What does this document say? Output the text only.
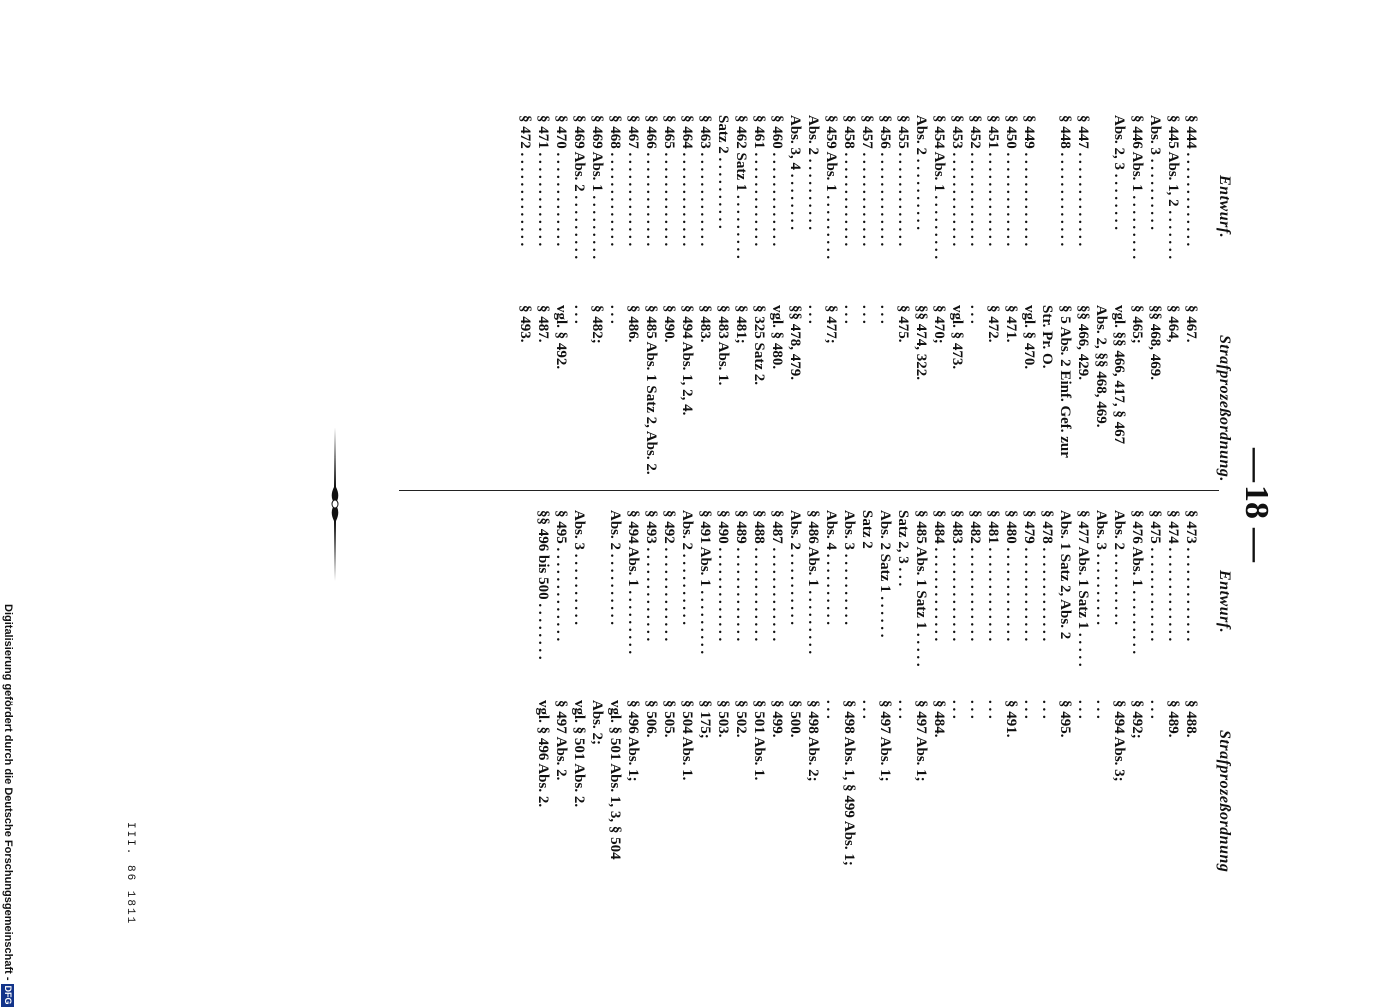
—
18
—
Entwurf.
Strafprozeßordnung.
Entwurf.
Strafprozeßordnung
§ 444 . . . . . . . . . . . . .
§ 467.
§ 445 Abs. 1, 2 . . . . . . .
§ 464,
Abs. 3 . . . . . . . . . .
§§ 468, 469.
§ 446 Abs. 1 . . . . . . . . .
§ 465;
Abs. 2, 3 . . . . . . . .
vgl. §§ 466, 417, § 467
Abs. 2, §§ 468, 469.
§ 447 . . . . . . . . . . . . .
§§ 466, 429.
§ 448 . . . . . . . . . . . . .
§ 5 Abs. 2 Einf. Gef. zur
Str. Pr. O.
§ 449 . . . . . . . . . . . . .
vgl. § 470.
§ 450 . . . . . . . . . . . . .
§ 471.
§ 451 . . . . . . . . . . . . .
§ 472.
§ 452 . . . . . . . . . . . . .
. . .
§ 453 . . . . . . . . . . . . .
vgl. § 473.
§ 454 Abs. 1 . . . . . . . . .
§ 470;
Abs. 2 . . . . . . . . . .
§§ 474, 322.
§ 455 . . . . . . . . . . . . .
§ 475.
§ 456 . . . . . . . . . . . . .
. . .
§ 457 . . . . . . . . . . . . .
. . .
§ 458 . . . . . . . . . . . . .
. . .
§ 459 Abs. 1 . . . . . . . . .
§ 477;
Abs. 2 . . . . . . . . . .
. . .
Abs. 3, 4 . . . . . . . .
§§ 478, 479.
§ 460 . . . . . . . . . . . . .
vgl. § 480.
§ 461 . . . . . . . . . . . . .
§ 325 Satz 2.
§ 462 Satz 1 . . . . . . . . .
§ 481;
Satz 2 . . . . . . . . . .
§ 483 Abs. 1.
§ 463 . . . . . . . . . . . . .
§ 483.
§ 464 . . . . . . . . . . . . .
§ 494 Abs. 1, 2, 4.
§ 465 . . . . . . . . . . . . .
§ 490.
§ 466 . . . . . . . . . . . . .
§ 485 Abs. 1 Satz 2, Abs. 2.
§ 467 . . . . . . . . . . . . .
§ 486.
§ 468 . . . . . . . . . . . . .
. . .
§ 469 Abs. 1 . . . . . . . . .
§ 482;
§ 469 Abs. 2 . . . . . . . . .
. . .
§ 470 . . . . . . . . . . . . .
vgl. § 492.
§ 471 . . . . . . . . . . . . .
§ 487.
§ 472 . . . . . . . . . . . . .
§ 493.
§ 473 . . . . . . . . . . . . .
§ 488.
§ 474 . . . . . . . . . . . . .
§ 489.
§ 475 . . . . . . . . . . . . .
. . .
§ 476 Abs. 1 . . . . . . . . .
§ 492;
Abs. 2 . . . . . . . . . .
§ 494 Abs. 3;
Abs. 3 . . . . . . . . . .
. . .
§ 477 Abs. 1 Satz 1 . . . . .
. . .
Abs. 1 Satz 2, Abs. 2
§ 495.
§ 478 . . . . . . . . . . . . .
. . .
§ 479 . . . . . . . . . . . . .
. . .
§ 480 . . . . . . . . . . . . .
§ 491.
§ 481 . . . . . . . . . . . . .
. . .
§ 482 . . . . . . . . . . . . .
. . .
§ 483 . . . . . . . . . . . . .
. . .
§ 484 . . . . . . . . . . . . .
§ 484.
§ 485 Abs. 1 Satz 1 . . . . .
§ 497 Abs. 1;
Satz 2, 3 . . .
. . .
Abs. 2 Satz 1 . . . . . .
§ 497 Abs. 1;
Satz 2
. . .
Abs. 3 . . . . . . . . . .
§ 498 Abs. 1, § 499 Abs. 1;
Abs. 4 . . . . . . . . . .
. . .
§ 486 Abs. 1 . . . . . . . . .
§ 498 Abs. 2;
Abs. 2 . . . . . . . . . .
§ 500.
§ 487 . . . . . . . . . . . . .
§ 499.
§ 488 . . . . . . . . . . . . .
§ 501 Abs. 1.
§ 489 . . . . . . . . . . . . .
§ 502.
§ 490 . . . . . . . . . . . . .
§ 503.
§ 491 Abs. 1 . . . . . . . . .
§ 175;
Abs. 2 . . . . . . . . . .
§ 504 Abs. 1.
§ 492 . . . . . . . . . . . . .
§ 505.
§ 493 . . . . . . . . . . . . .
§ 506.
§ 494 Abs. 1 . . . . . . . . .
§ 496 Abs. 1;
Abs. 2 . . . . . . . . . .
vgl. § 501 Abs. 1, 3, § 504
Abs. 2;
Abs. 3 . . . . . . . . . .
vgl. § 501 Abs. 2.
§ 495 . . . . . . . . . . . . .
§ 497 Abs. 2.
§§ 496 bis 500 . . . . . . . .
vgl. § 496 Abs. 2.
III. 86 1811
Digitalisierung gefördert durch die Deutsche Forschungsgemeinschaft -DFG
